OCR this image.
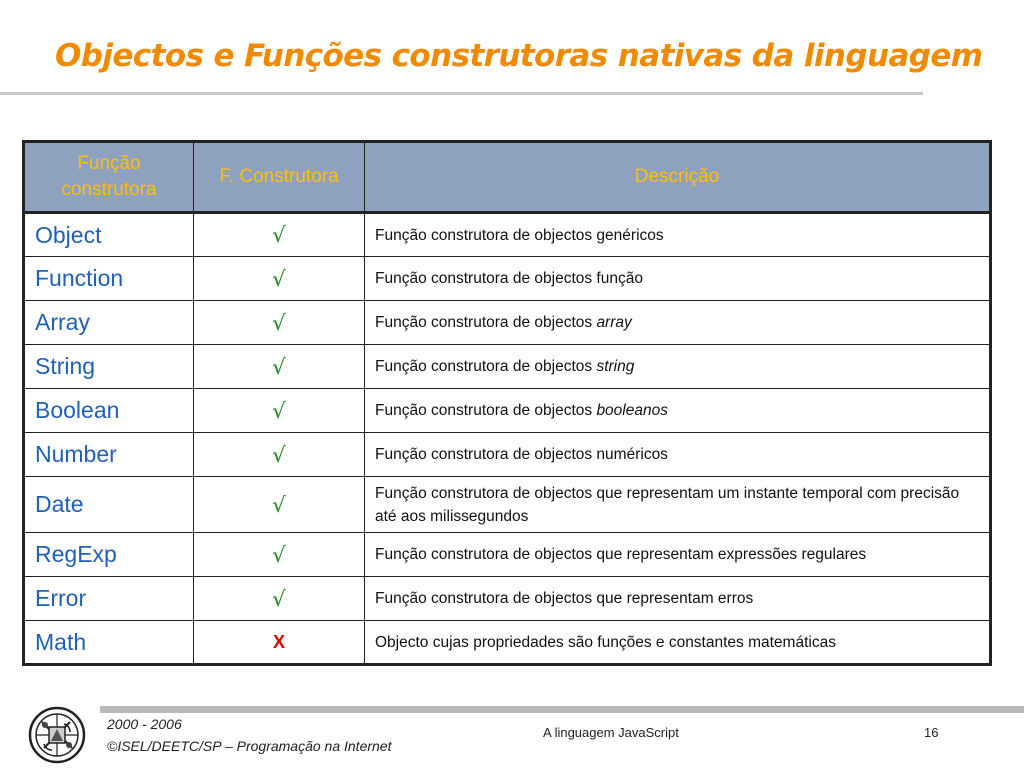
Objectos e Funções construtoras nativas da linguagem
Função construtora	F. Construtora	Descrição
Object	√	Função construtora de objectos genéricos
Function	√	Função construtora de objectos função
Array	√	Função construtora de objectos array
String	√	Função construtora de objectos string
Boolean	√	Função construtora de objectos booleanos
Number	√	Função construtora de objectos numéricos
Date	√	Função construtora de objectos que representam um instante temporal com precisão até aos milissegundos
RegExp	√	Função construtora de objectos que representam expressões regulares
Error	√	Função construtora de objectos que representam erros
Math	X	Objecto cujas propriedades são funções e constantes matemáticas
2000 - 2006
©ISEL/DEETC/SP – Programação na Internet
A linguagem JavaScript	16
